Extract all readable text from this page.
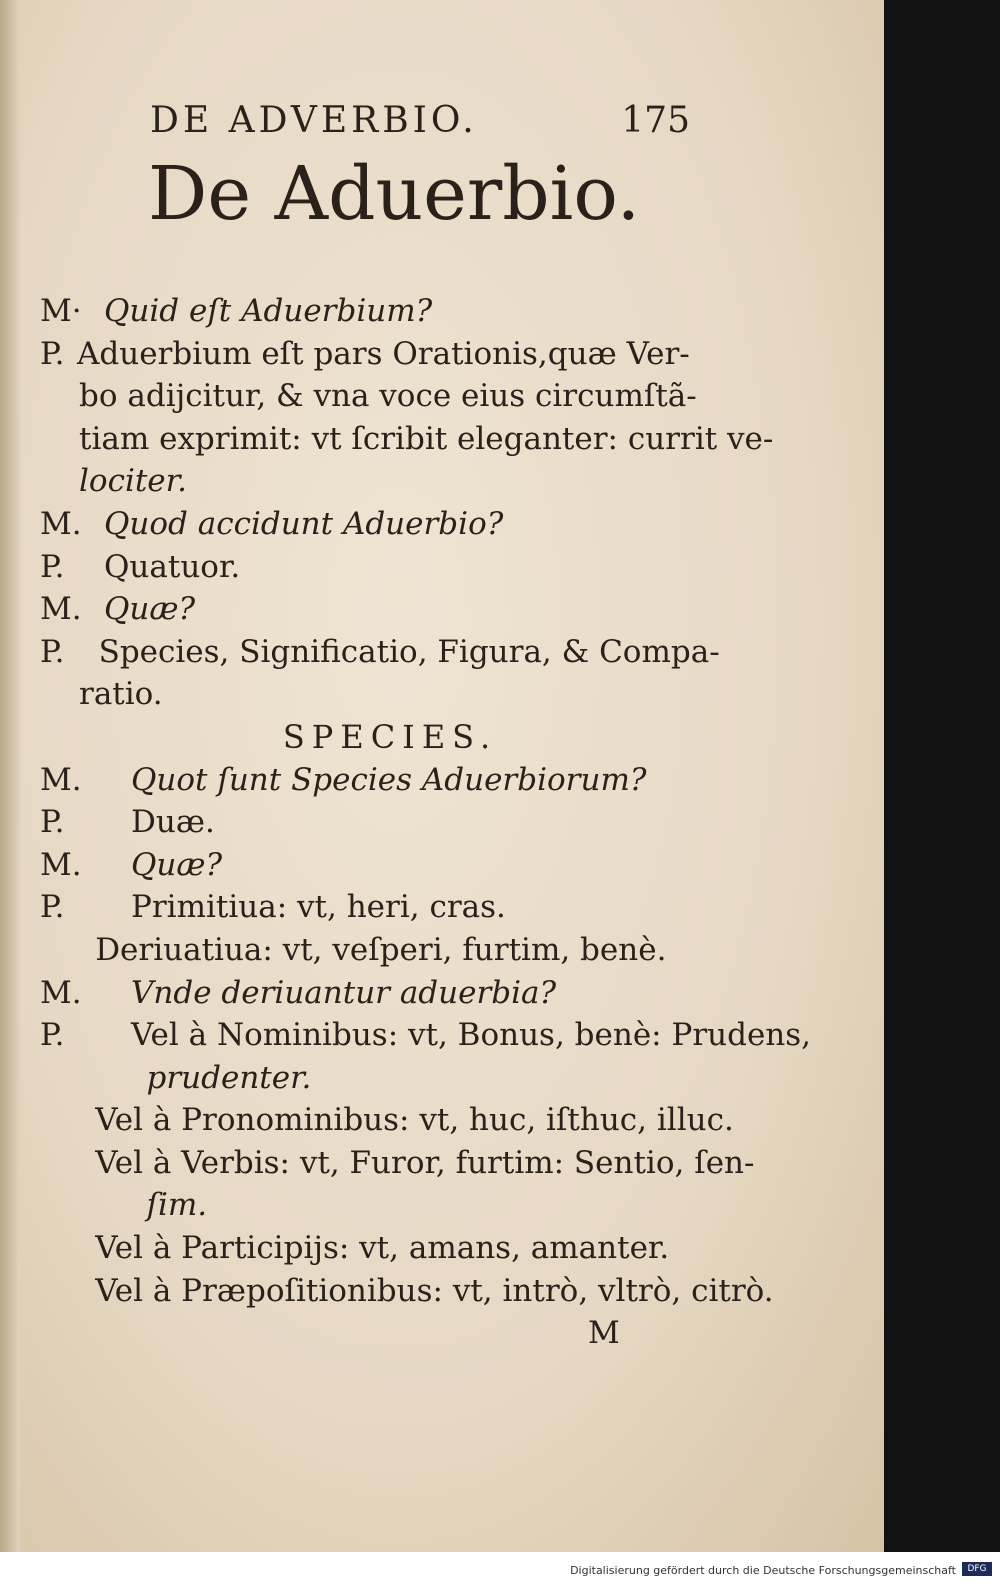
DE ADVERBIO.	175
De Aduerbio.
M· Quid eſt Aduerbium?
P. Aduerbium eſt pars Orationis,quæ Ver-
bo adijcitur, & vna voce eius circumſtã-
tiam exprimit: vt ſcribit eleganter: currit ve-
lociter.
M. Quod accidunt Aduerbio?
P. Quatuor.
M. Quæ?
P. Species, Significatio, Figura, & Compa-
ratio.
SPECIES.
M. Quot ſunt Species Aduerbiorum?
P. Duæ.
M. Quæ?
P. Primitiua: vt, heri, cras.
Deriuatiua: vt, veſperi, furtim, benè.
M. Vnde deriuantur aduerbia?
P. Vel à Nominibus: vt, Bonus, benè: Prudens,
prudenter.
Vel à Pronominibus: vt, huc, iſthuc, illuc.
Vel à Verbis: vt, Furor, furtim: Sentio, ſen-
ſim.
Vel à Participijs: vt, amans, amanter.
Vel à Præpoſitionibus: vt, intrò, vltrò, citrò.
M
Digitalisierung gefördert durch die Deutsche Forschungsgemeinschaft	DFG
